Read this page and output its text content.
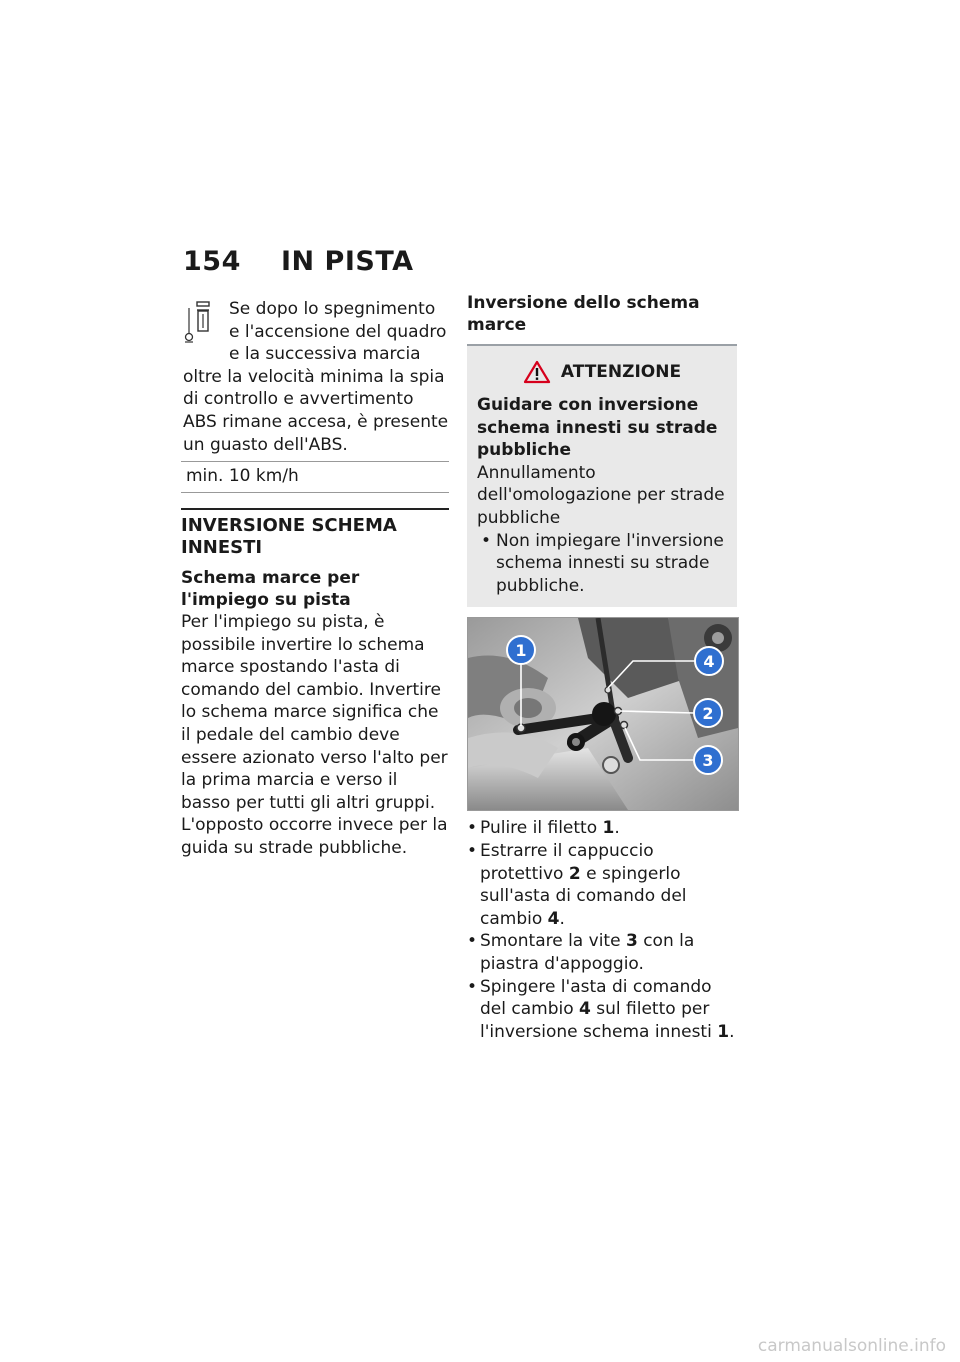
154 IN PISTA
Se dopo lo spegnimento e l'accensione del quadro e la successiva marcia oltre la velocità minima la spia di controllo e avvertimento ABS rimane accesa, è presente un guasto dell'ABS.
min. 10 km/h
INVERSIONE SCHEMA INNESTI
Schema marce per l'impiego su pista
Per l'impiego su pista, è possibile invertire lo schema marce spostando l'asta di comando del cambio. Invertire lo schema marce significa che il pedale del cambio deve essere azionato verso l'alto per la prima marcia e verso il basso per tutti gli altri gruppi. L'opposto occorre invece per la guida su strade pubbliche.
Inversione dello schema marce
ATTENZIONE
Guidare con inversione schema innesti su strade pubbliche
Annullamento dell'omologazione per strade pubbliche
• Non impiegare l'inversione schema innesti su strade pubbliche.
1
4
2
3
• Pulire il filetto 1.
• Estrarre il cappuccio protettivo 2 e spingerlo sull'asta di comando del cambio 4.
• Smontare la vite 3 con la piastra d'appoggio.
• Spingere l'asta di comando del cambio 4 sul filetto per l'inversione schema innesti 1.
carmanualsonline.info
